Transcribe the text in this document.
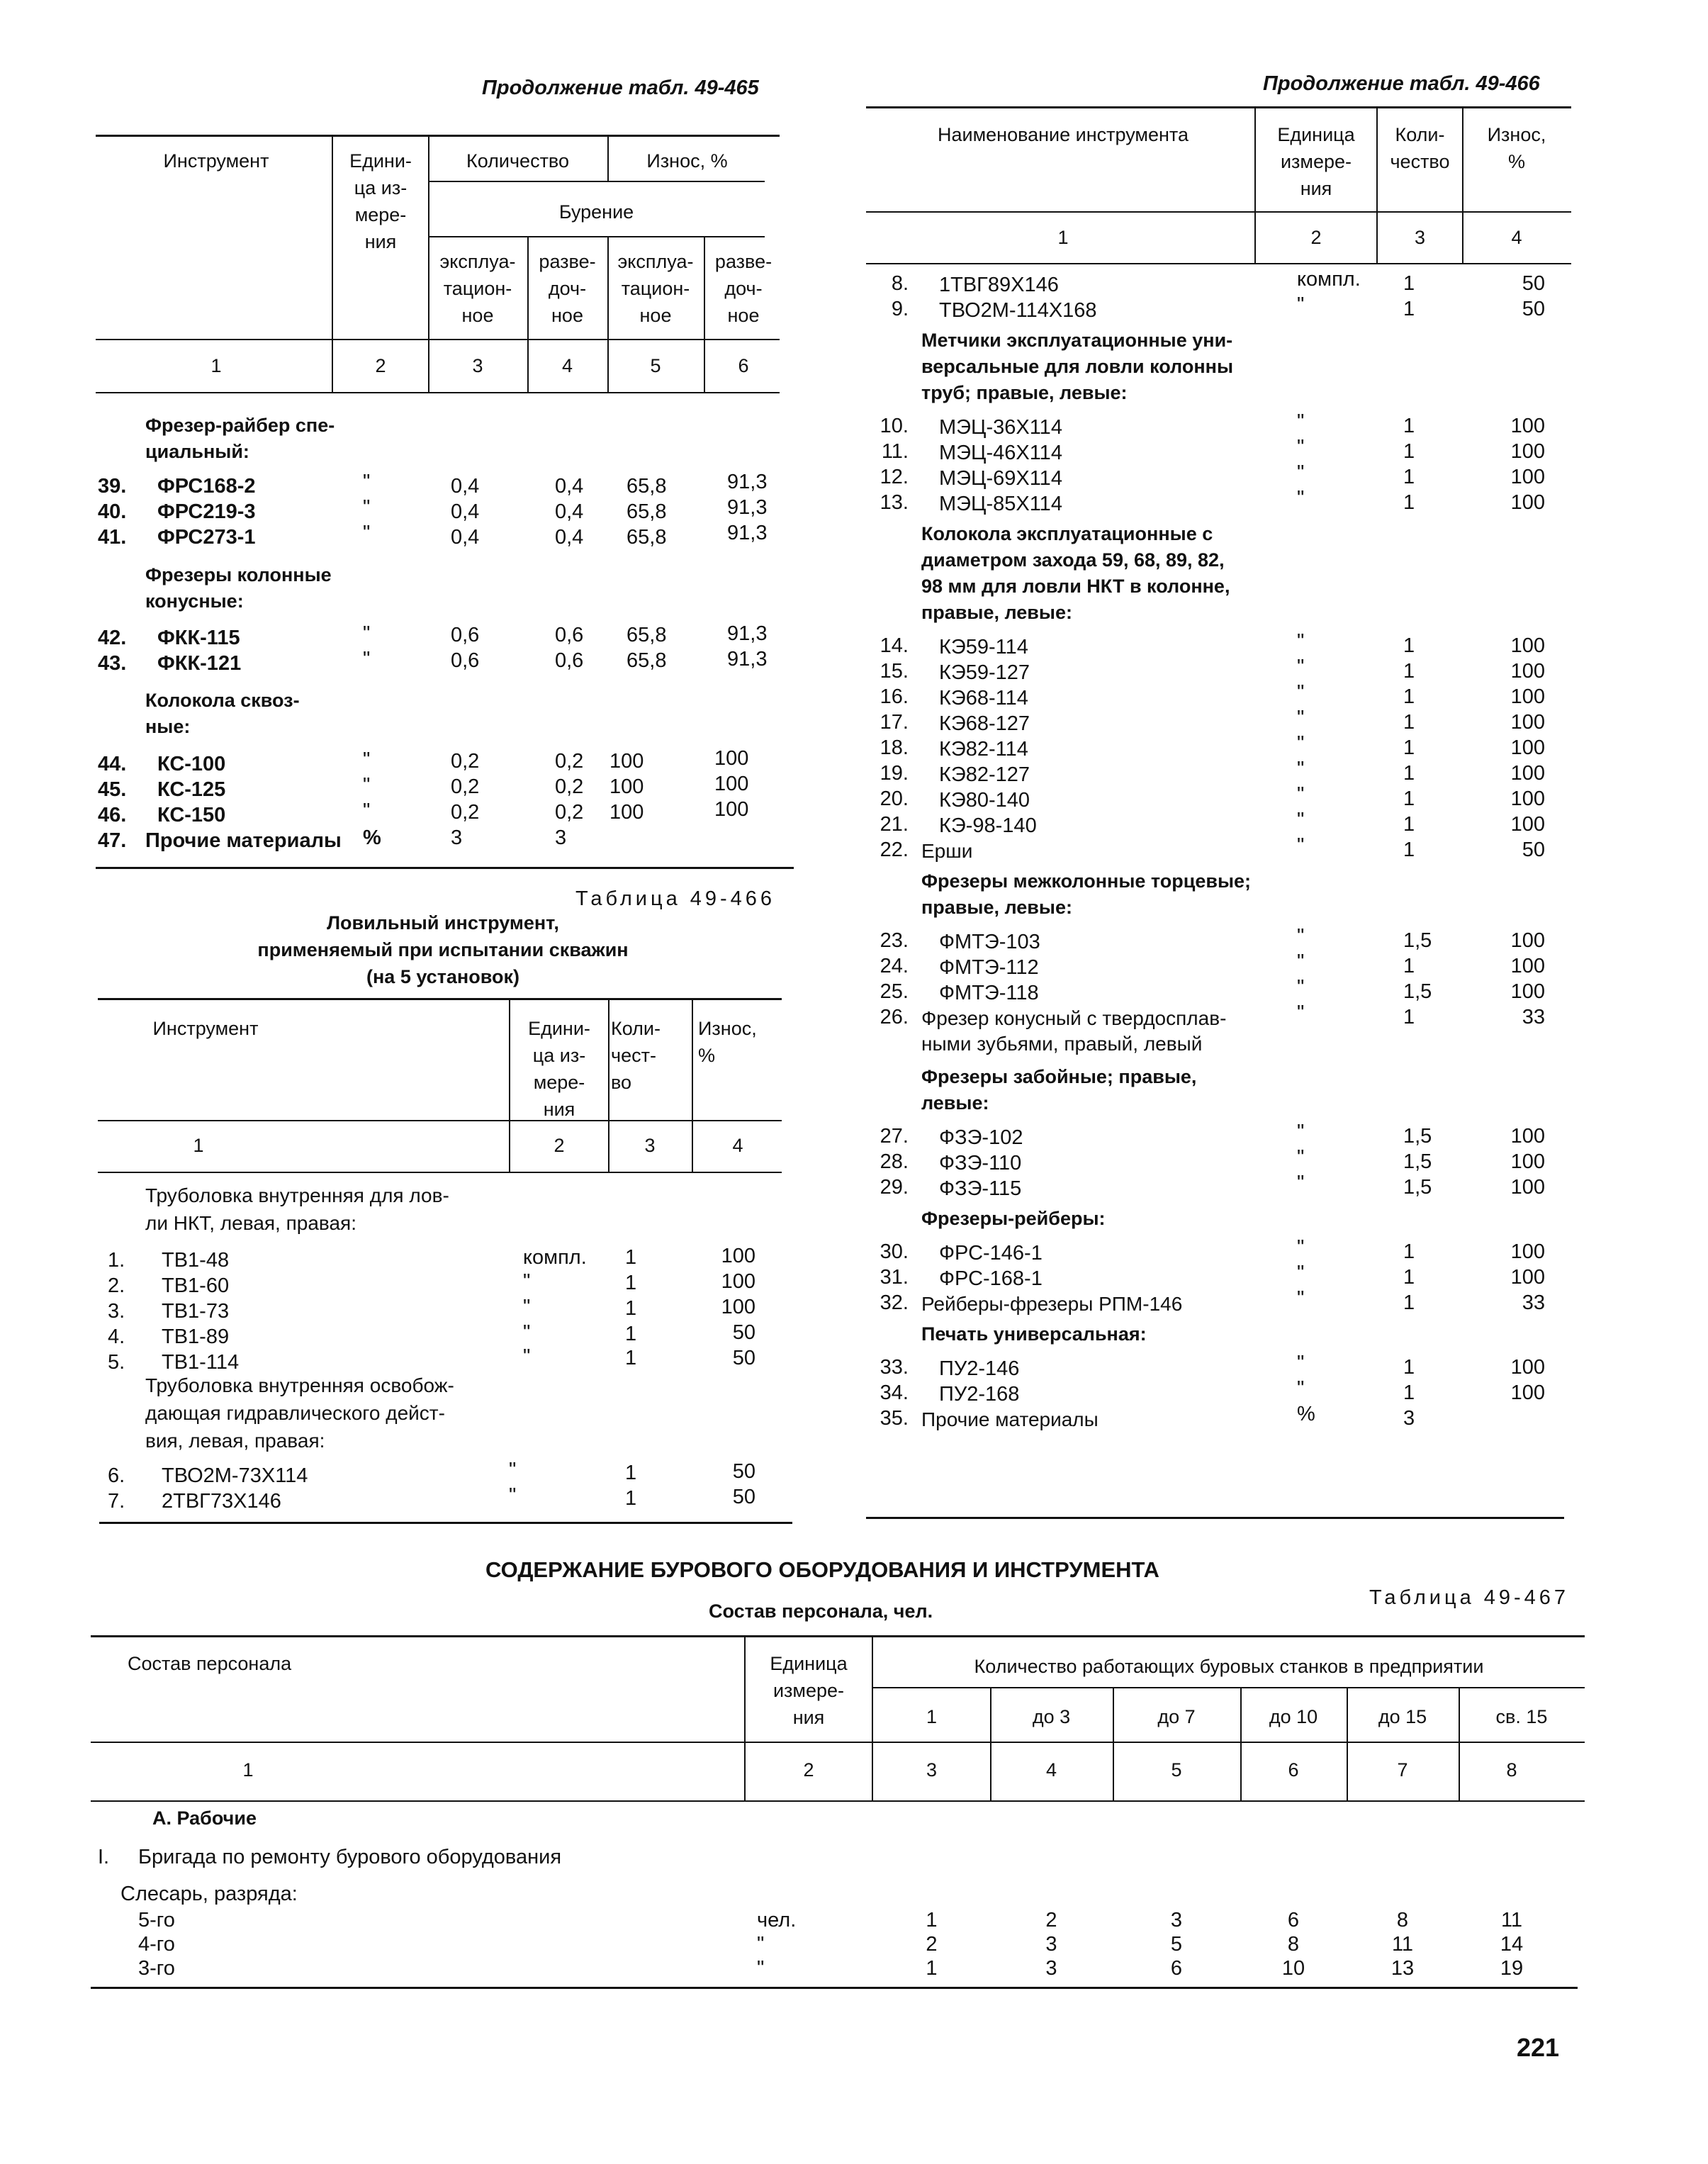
Продолжение табл. 49-465
Инструмент	Едини-
ца из-
мере-
ния
Количество	Износ, %
Бурение
эксплуа-
тацион-
ное
разве-
доч-
ное
эксплуа-
тацион-
ное
разве-
доч-
ное
1	2	3	4	5	6
Фрезер-райбер спе-
циальный:
Фрезеры колонные
конусные:
Колокола сквоз-
ные:
39. ФРС168-2	"	0,4	0,4 65,8	91,3
40. ФРС219-3	"	0,4	0,4 65,8	91,3
41. ФРС273-1	"	0,4	0,4 65,8	91,3
42. ФКК-115	"	0,6	0,6 65,8	91,3
43. ФКК-121	"	0,6	0,6 65,8	91,3
44. КС-100	"	0,2	0,2 100	100
45. КС-125	"	0,2	0,2 100	100
46. КС-150	"	0,2	0,2 100	100
47. Прочие материалы %	3	3
Таблица 49-466
Ловильный инструмент,
применяемый при испытании скважин
(на 5 установок)
Инструмент	Едини-
ца из-
мере-
ния
Коли-
чест-
во
Износ,
%
1	2	3	4
Труболовка внутренняя для лов-
ли НКТ, левая, правая:
1. ТВ1-48	компл. 1	100
2. ТВ1-60	"	1	100
3. ТВ1-73	"	1	100
4. ТВ1-89	"	1	50
5. ТВ1-114	"	1	50
Труболовка внутренняя освобож-
дающая гидравлического дейст-
вия, левая, правая:
6. ТВО2М-73Х114	"	1	50
7. 2ТВГ73Х146	"	1	50
Продолжение табл. 49-466
Наименование инструмента	Единица
измере-
ния
Коли-
чество
Износ,
%
1	2	3	4
8. 1ТВГ89Х146	компл. 1	50
9. ТВО2М-114Х168	"	1	50
Метчики эксплуатационные уни-
версальные для ловли колонны
труб; правые, левые:
10. МЭЦ-36Х114	"	1	100
11. МЭЦ-46Х114	"	1	100
12. МЭЦ-69Х114	"	1	100
13. МЭЦ-85Х114	"	1	100
Колокола эксплуатационные с
диаметром захода 59, 68, 89, 82,
98 мм для ловли НКТ в колонне,
правые, левые:
14. КЭ59-114	"	1	100
15. КЭ59-127	"	1	100
16. КЭ68-114	"	1	100
17. КЭ68-127	"	1	100
18. КЭ82-114	"	1	100
19. КЭ82-127	"	1	100
20. КЭ80-140	"	1	100
21. КЭ-98-140	"	1	100
22. Ерши	"	1	50
Фрезеры межколонные торцевые;
правые, левые:
23. ФМТЭ-103	"	1,5	100
24. ФМТЭ-112	"	1	100
25. ФМТЭ-118	"	1,5	100
26. Фрезер конусный с твердосплав-
ными зубьями, правый, левый
"	1	33
Фрезеры забойные; правые,
левые:
27. ФЗЭ-102	"	1,5	100
28. ФЗЭ-110	"	1,5	100
29. ФЗЭ-115	"	1,5	100
Фрезеры-рейберы:
30. ФРС-146-1	"	1	100
31. ФРС-168-1	"	1	100
32. Рейберы-фрезеры РПМ-146	"	1	33
Печать универсальная:
33. ПУ2-146	"	1	100
34. ПУ2-168	"	1	100
35. Прочие материалы	%	3
СОДЕРЖАНИЕ БУРОВОГО ОБОРУДОВАНИЯ И ИНСТРУМЕНТА
Таблица 49-467
Состав персонала, чел.
Состав персонала	Единица
измере-
ния
Количество работающих буровых станков в предприятии
1	до 3	до 7	до 10	до 15	св. 15
1	2	3	4	5	6	7	8
А. Рабочие
I. Бригада по ремонту бурового оборудования
Слесарь, разряда:
5-го	чел.	1	2	3	6	8	11
4-го	"	2	3	5	8	11	14
3-го	"	1	3	6	10	13	19
221
